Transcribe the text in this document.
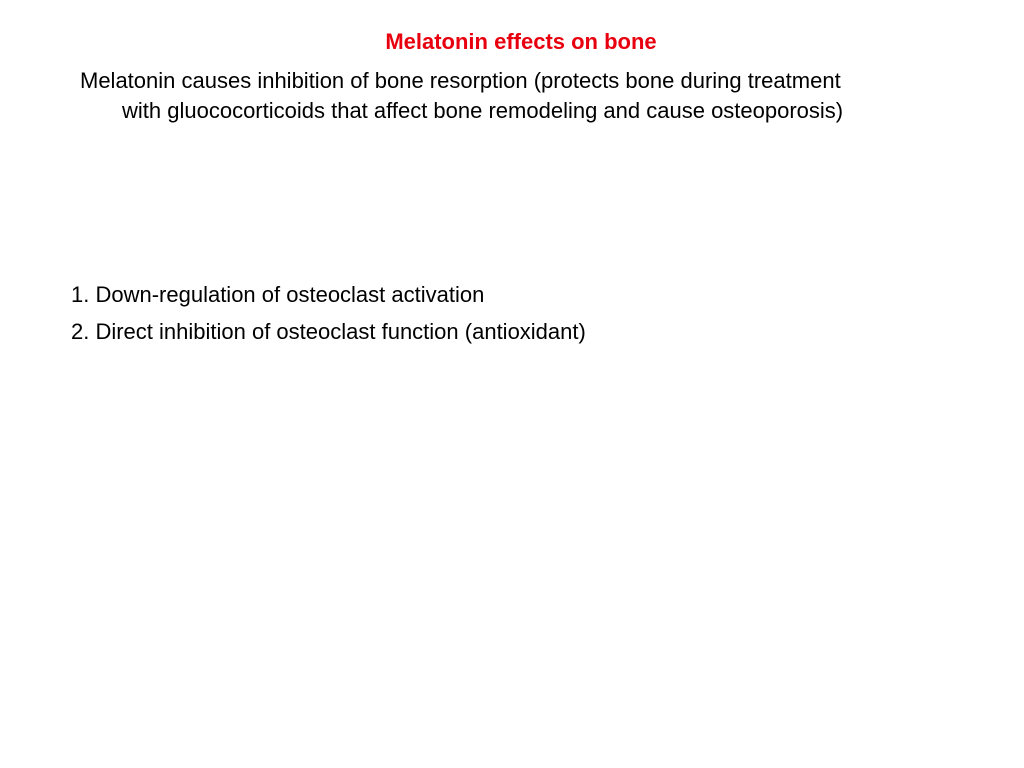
Melatonin effects on bone

Melatonin causes inhibition of bone resorption (protects bone during treatment
with gluococorticoids that affect bone remodeling and cause osteoporosis)

1. Down-regulation of osteoclast activation
2. Direct inhibition of osteoclast function (antioxidant)
